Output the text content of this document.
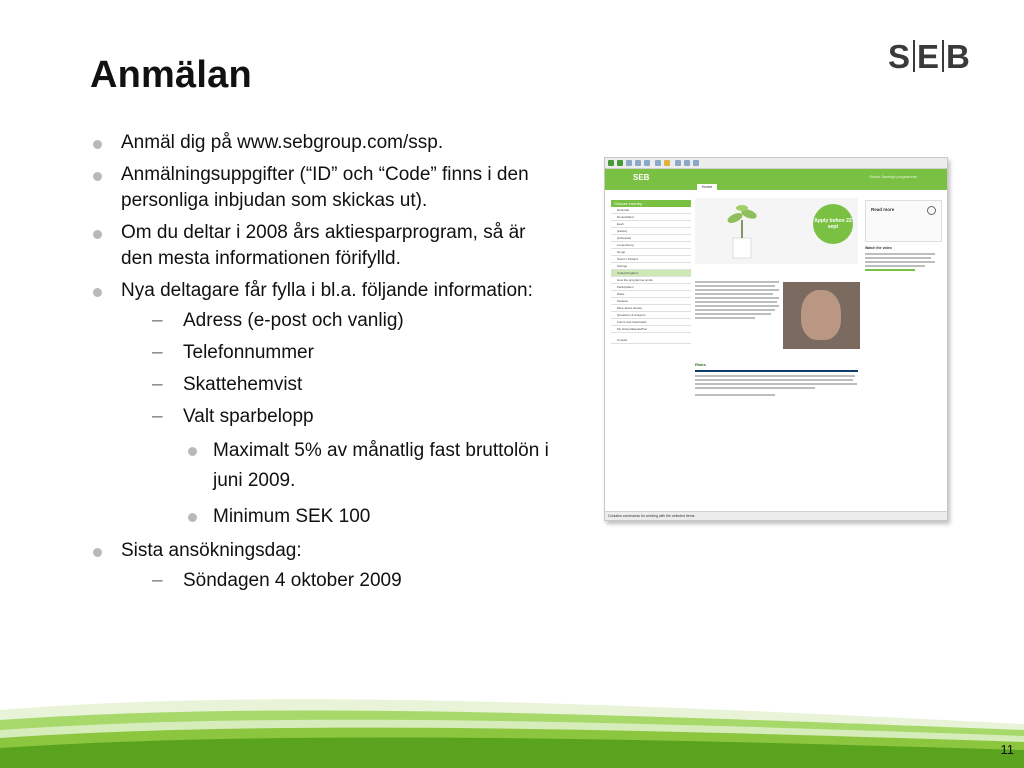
Anmälan	S E B
Anmäl dig på www.sebgroup.com/ssp.
Anmälningsuppgifter (“ID” och “Code” finns i den personliga inbjudan som skickas ut).
Om du deltar i 2008 års aktiesparprogram, så är den mesta informationen förifylld.
Nya deltagare får fylla i bl.a. följande information:
– Adress (e-post och vanlig)
– Telefonnummer
– Skattehemvist
– Valt sparbelopp
Maximalt 5% av månatlig fast bruttolön i juni 2009.
Minimum SEK 100
Sista ansökningsdag:
– Söndagen 4 oktober 2009
SEB	Share Savings programme
Home
Choose country
Danmark
Deutschland
Eesti
[Latvia]
[Lithuania]
Luxembourg
Norge
Suomi / Finland
Sverige
United Kingdom
How the programme works
Participation
Risks
Taxation
More about shares
Questions & Answers
Forms and downloads
My shares/EquatePlus
Contact
Apply before 22 sept
Read more
Watch the video
Risks
Contains commands for working with the selected items.
11
